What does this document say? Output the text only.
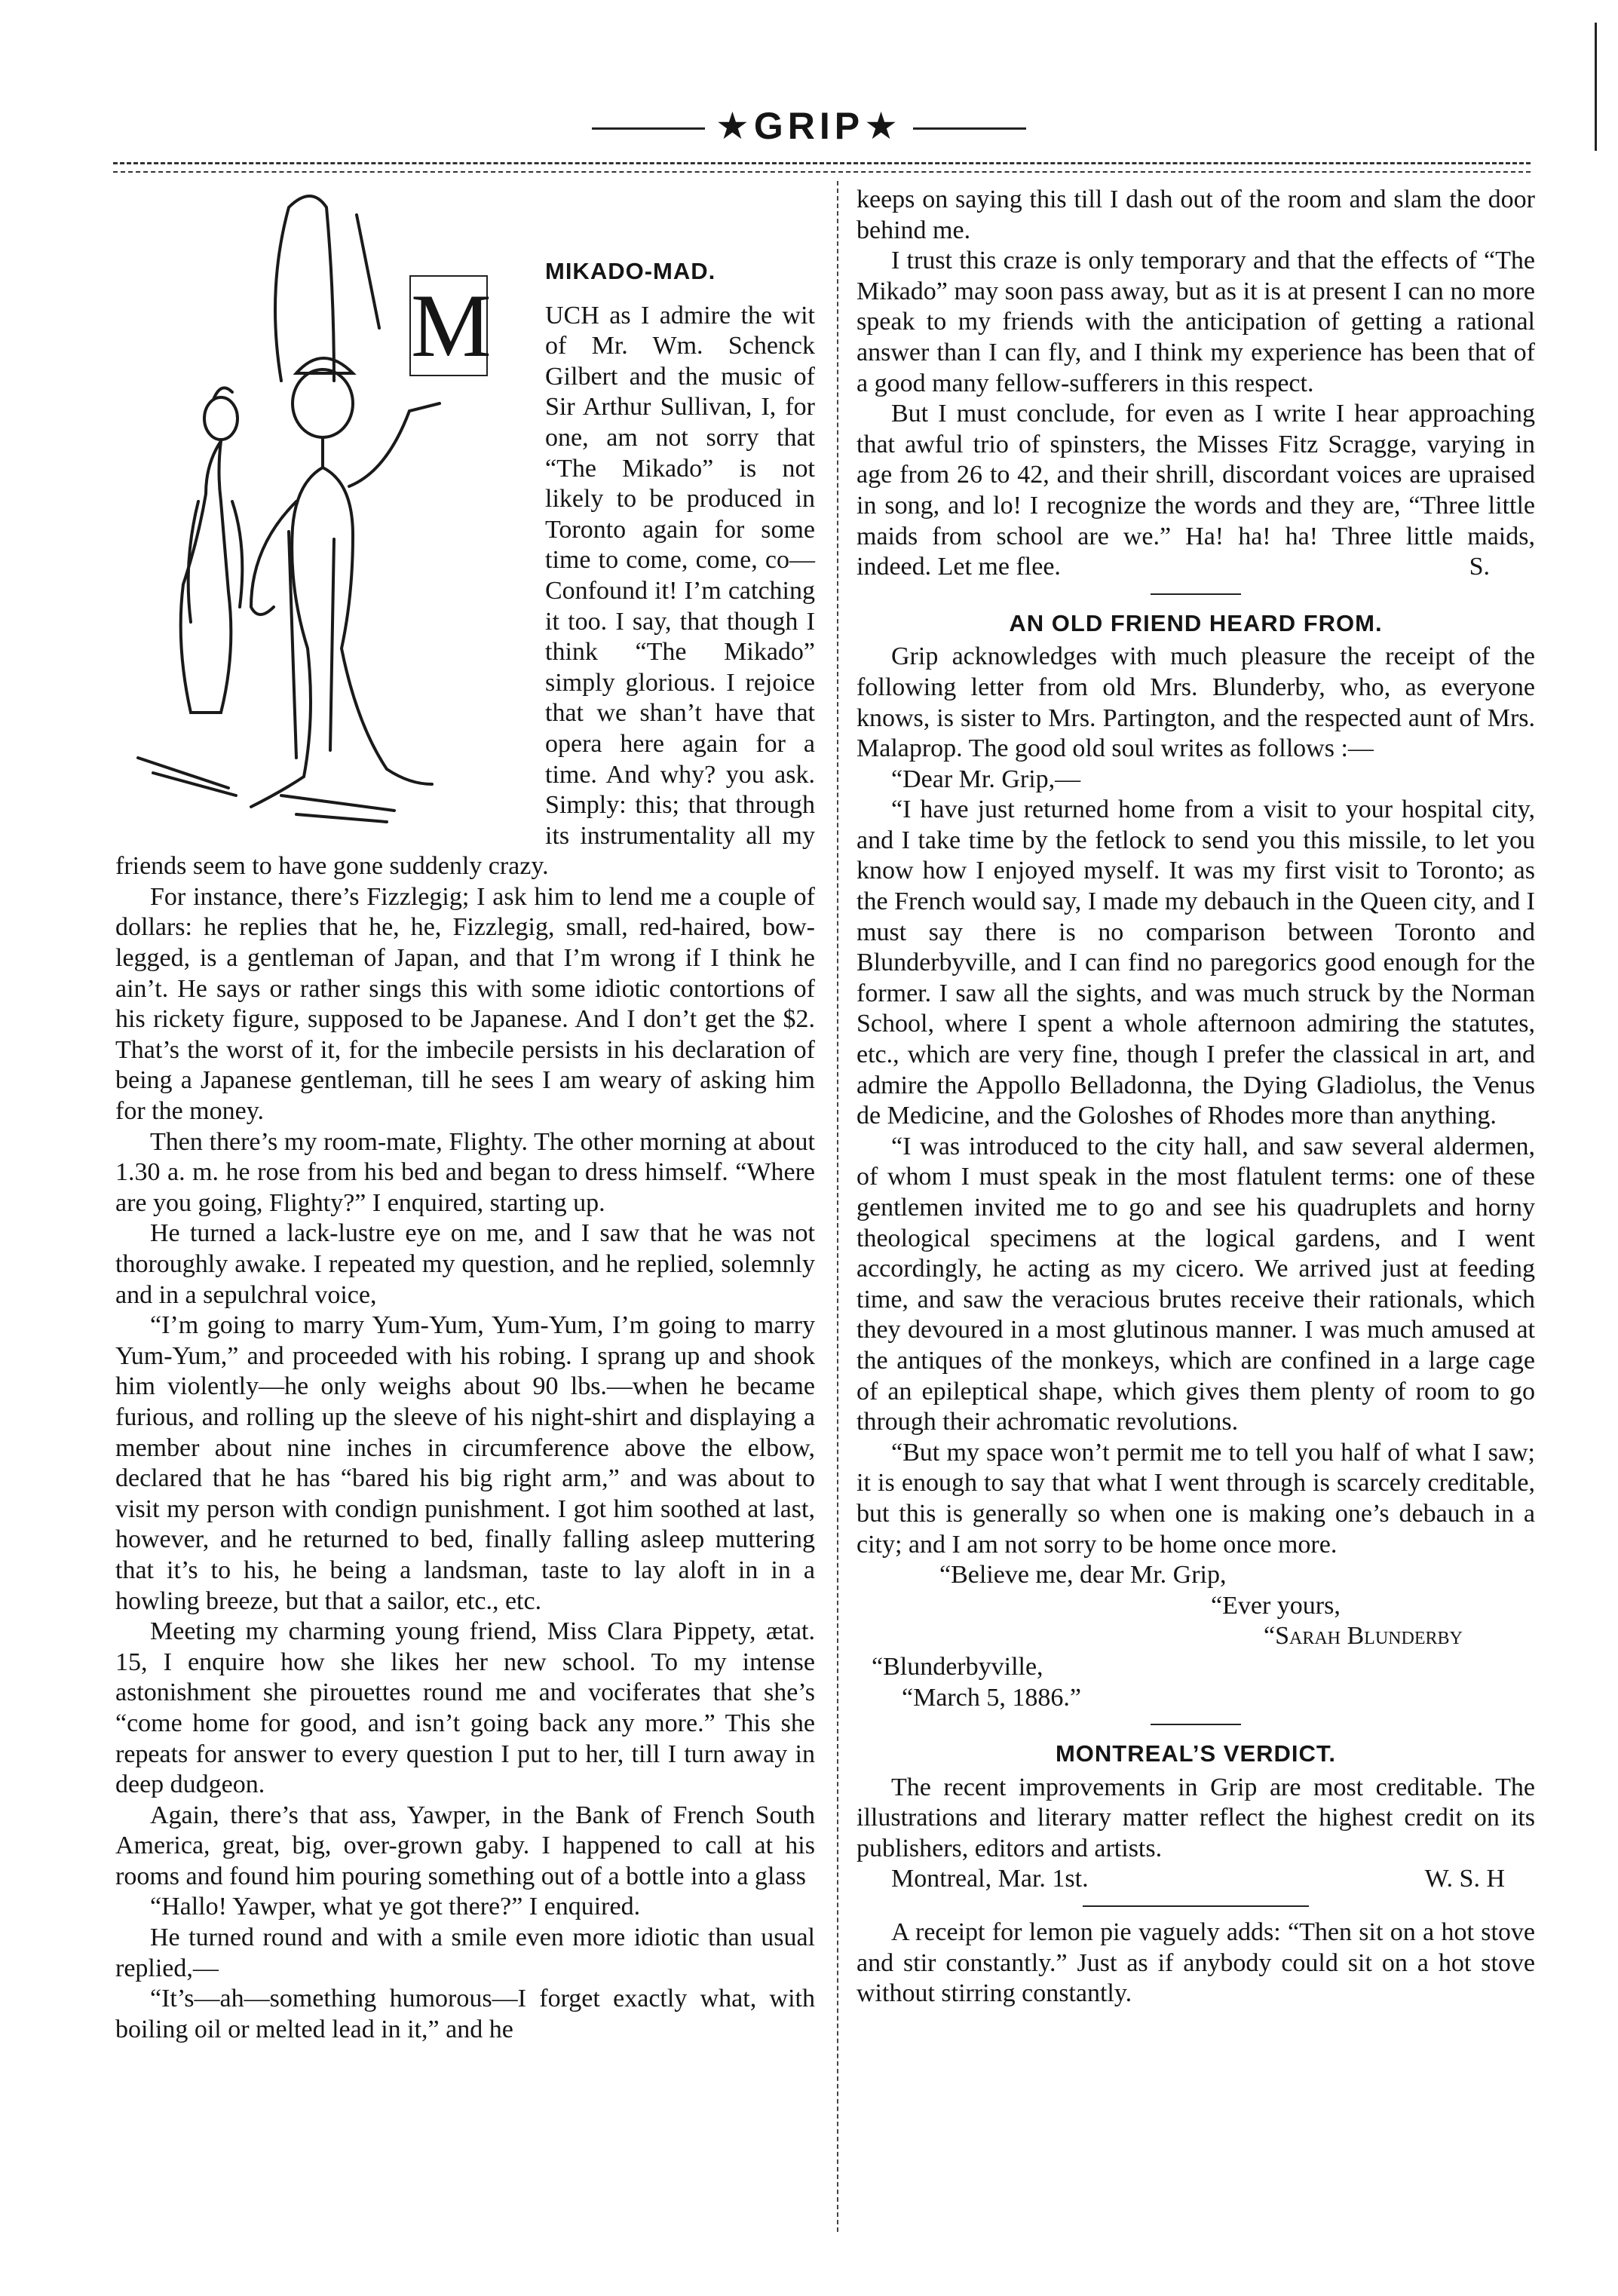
★GRIP★
M
MIKADO-MAD.

UCH as I admire the wit of Mr. Wm. Schenck Gilbert and the music of Sir Arthur Sullivan, I, for one, am not sorry that “The Mikado” is not likely to be produced in Toronto again for some time to come, come, co—Confound it! I’m catching it too. I say, that though I think “The Mikado” simply glorious. I rejoice that we shan’t have that opera here again for a time. And why? you ask. Simply: this; that through its instrumentality all my friends seem to have gone suddenly crazy.

For instance, there’s Fizzlegig; I ask him to lend me a couple of dollars: he replies that he, he, Fizzlegig, small, red-haired, bow-legged, is a gentleman of Japan, and that I’m wrong if I think he ain’t. He says or rather sings this with some idiotic contortions of his rickety figure, supposed to be Japanese. And I don’t get the $2. That’s the worst of it, for the imbecile persists in his declaration of being a Japanese gentleman, till he sees I am weary of asking him for the money.

Then there’s my room-mate, Flighty. The other morning at about 1.30 a. m. he rose from his bed and began to dress himself. “Where are you going, Flighty?” I enquired, starting up.

He turned a lack-lustre eye on me, and I saw that he was not thoroughly awake. I repeated my question, and he replied, solemnly and in a sepulchral voice,

“I’m going to marry Yum-Yum, Yum-Yum, I’m going to marry Yum-Yum,” and proceeded with his robing. I sprang up and shook him violently—he only weighs about 90 lbs.—when he became furious, and rolling up the sleeve of his night-shirt and displaying a member about nine inches in circumference above the elbow, declared that he has “bared his big right arm,” and was about to visit my person with condign punishment. I got him soothed at last, however, and he returned to bed, finally falling asleep muttering that it’s to his, he being a landsman, taste to lay aloft in in a howling breeze, but that a sailor, etc., etc.

Meeting my charming young friend, Miss Clara Pippety, ætat. 15, I enquire how she likes her new school. To my intense astonishment she pirouettes round me and vociferates that she’s “come home for good, and isn’t going back any more.” This she repeats for answer to every question I put to her, till I turn away in deep dudgeon.

Again, there’s that ass, Yawper, in the Bank of French South America, great, big, over-grown gaby. I happened to call at his rooms and found him pouring something out of a bottle into a glass

“Hallo! Yawper, what ye got there?” I enquired.

He turned round and with a smile even more idiotic than usual replied,—

“It’s—ah—something humorous—I forget exactly what, with boiling oil or melted lead in it,” and he

keeps on saying this till I dash out of the room and slam the door behind me.

I trust this craze is only temporary and that the effects of “The Mikado” may soon pass away, but as it is at present I can no more speak to my friends with the anticipation of getting a rational answer than I can fly, and I think my experience has been that of a good many fellow-sufferers in this respect.

But I must conclude, for even as I write I hear approaching that awful trio of spinsters, the Misses Fitz Scragge, varying in age from 26 to 42, and their shrill, discordant voices are upraised in song, and lo! I recognize the words and they are, “Three little maids from school are we.” Ha! ha! ha! Three little maids, indeed. Let me flee.	S.

AN OLD FRIEND HEARD FROM.

Grip acknowledges with much pleasure the receipt of the following letter from old Mrs. Blunderby, who, as everyone knows, is sister to Mrs. Partington, and the respected aunt of Mrs. Malaprop. The good old soul writes as follows :—

“Dear Mr. Grip,—

“I have just returned home from a visit to your hospital city, and I take time by the fetlock to send you this missile, to let you know how I enjoyed myself. It was my first visit to Toronto; as the French would say, I made my debauch in the Queen city, and I must say there is no comparison between Toronto and Blunderbyville, and I can find no paregorics good enough for the former. I saw all the sights, and was much struck by the Norman School, where I spent a whole afternoon admiring the statutes, etc., which are very fine, though I prefer the classical in art, and admire the Appollo Belladonna, the Dying Gladiolus, the Venus de Medicine, and the Goloshes of Rhodes more than anything.

“I was introduced to the city hall, and saw several aldermen, of whom I must speak in the most flatulent terms: one of these gentlemen invited me to go and see his quadruplets and horny theological specimens at the logical gardens, and I went accordingly, he acting as my cicero. We arrived just at feeding time, and saw the veracious brutes receive their rationals, which they devoured in a most glutinous manner. I was much amused at the antiques of the monkeys, which are confined in a large cage of an epileptical shape, which gives them plenty of room to go through their achromatic revolutions.

“But my space won’t permit me to tell you half of what I saw; it is enough to say that what I went through is scarcely creditable, but this is generally so when one is making one’s debauch in a city; and I am not sorry to be home once more.

“Believe me, dear Mr. Grip,
“Ever yours,
“Sarah Blunderby
“Blunderbyville,
“March 5, 1886.”
MONTREAL’S VERDICT.

The recent improvements in Grip are most creditable. The illustrations and literary matter reflect the highest credit on its publishers, editors and artists.

Montreal, Mar. 1st.	W. S. H

A receipt for lemon pie vaguely adds: “Then sit on a hot stove and stir constantly.” Just as if anybody could sit on a hot stove without stirring constantly.
